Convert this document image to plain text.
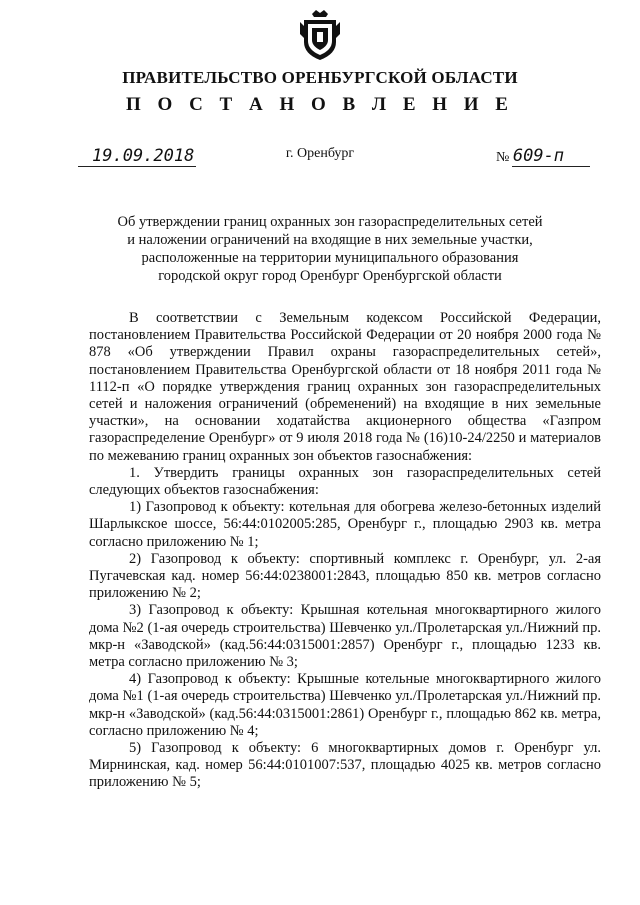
ПРАВИТЕЛЬСТВО ОРЕНБУРГСКОЙ ОБЛАСТИ
П О С Т А Н О В Л Е Н И Е
19.09.2018	г. Оренбург	№ 609-п
Об утверждении границ охранных зон газораспределительных сетей
и наложении ограничений на входящие в них земельные участки,
расположенные на территории муниципального образования
городской округ город Оренбург Оренбургской области

В соответствии с Земельным кодексом Российской Федерации, постановлением Правительства Российской Федерации от 20 ноября 2000 года № 878 «Об утверждении Правил охраны газораспределительных сетей», постановлением Правительства Оренбургской области от 18 ноября 2011 года № 1112-п «О порядке утверждения границ охранных зон газораспределительных сетей и наложения ограничений (обременений) на входящие в них земельные участки», на основании ходатайства акционерного общества «Газпром газораспределение Оренбург» от 9 июля 2018 года № (16)10-24/2250 и материалов по межеванию границ охранных зон объектов газоснабжения:

1. Утвердить границы охранных зон газораспределительных сетей следующих объектов газоснабжения:

1) Газопровод к объекту: котельная для обогрева железо-бетонных изделий Шарлыкское шоссе, 56:44:0102005:285, Оренбург г., площадью 2903 кв. метра согласно приложению № 1;

2) Газопровод к объекту: спортивный комплекс г. Оренбург, ул. 2-ая Пугачевская кад. номер 56:44:0238001:2843, площадью 850 кв. метров согласно приложению № 2;

3) Газопровод к объекту: Крышная котельная многоквартирного жилого дома №2 (1-ая очередь строительства) Шевченко ул./Пролетарская ул./Нижний пр. мкр-н «Заводской» (кад.56:44:0315001:2857) Оренбург г., площадью 1233 кв. метра согласно приложению № 3;

4) Газопровод к объекту: Крышные котельные многоквартирного жилого дома №1 (1-ая очередь строительства) Шевченко ул./Пролетарская ул./Нижний пр. мкр-н «Заводской» (кад.56:44:0315001:2861) Оренбург г., площадью 862 кв. метра, согласно приложению № 4;

5) Газопровод к объекту: 6 многоквартирных домов г. Оренбург ул. Мирнинская, кад. номер 56:44:0101007:537, площадью 4025 кв. метров согласно приложению № 5;
